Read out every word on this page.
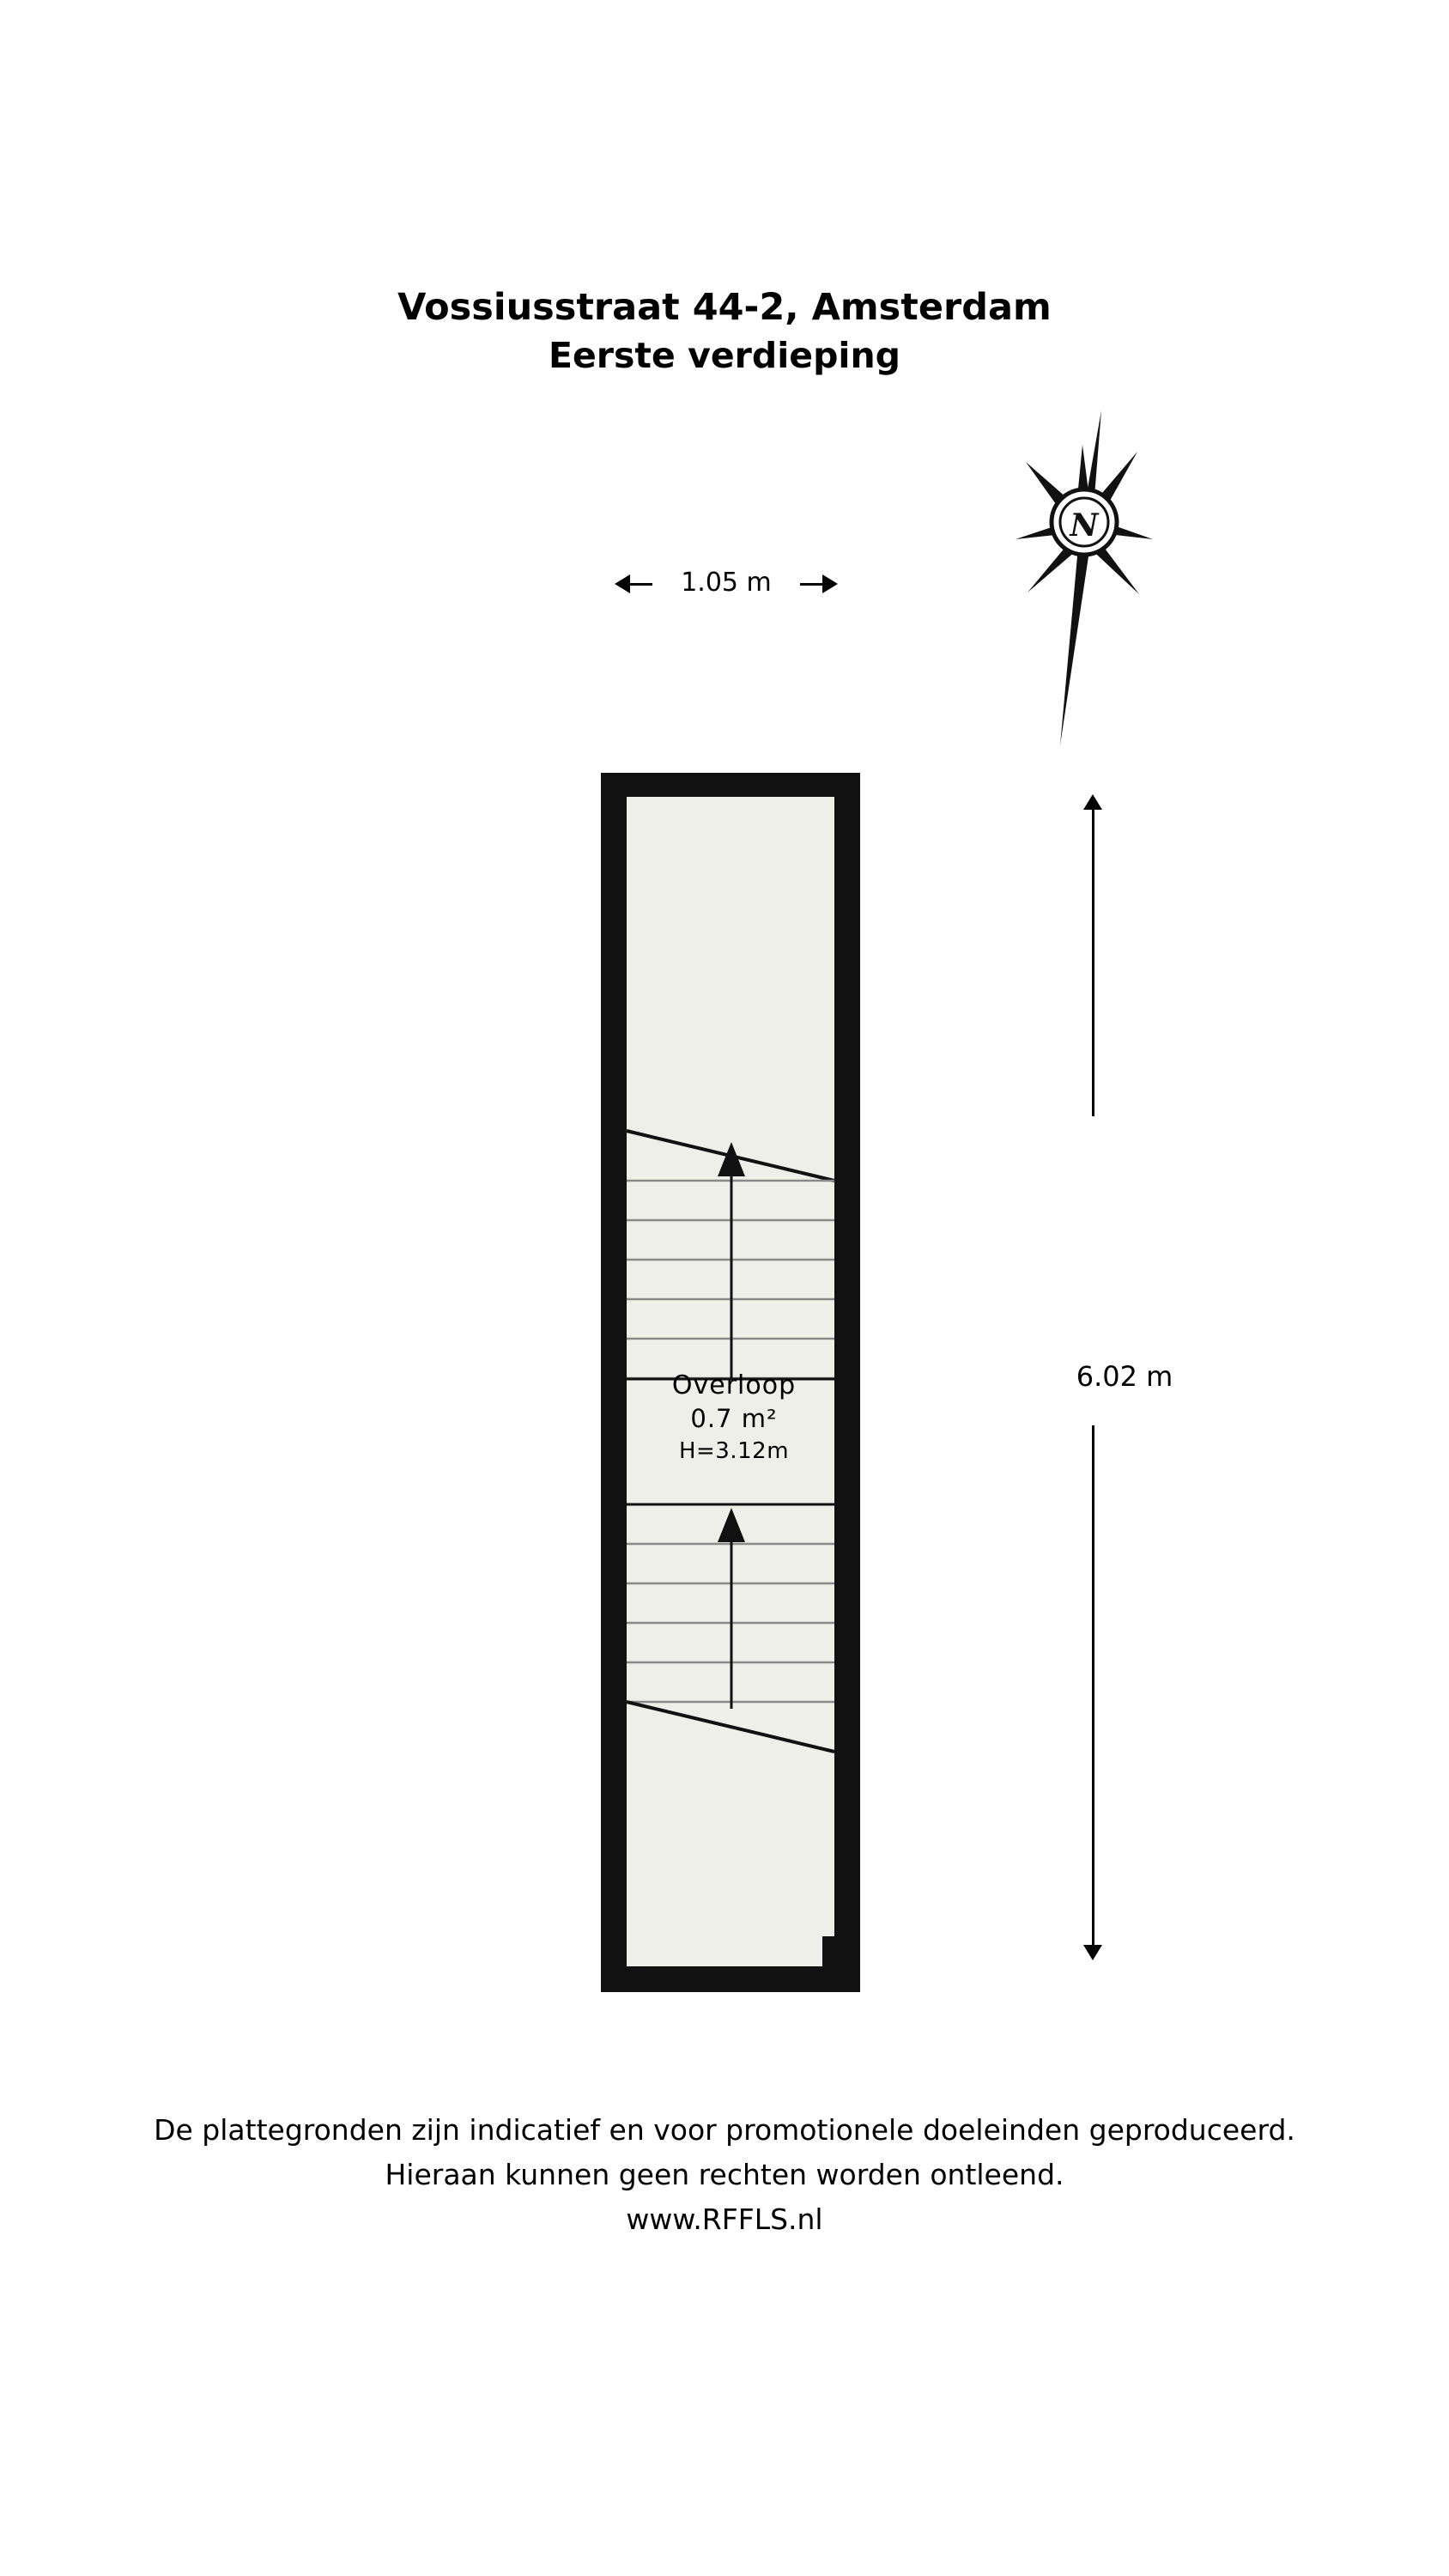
Vossiusstraat 44-2, Amsterdam
Eerste verdieping
1.05 m
N
6.02 m
Overloop
0.7 m²
H=3.12m
De plattegronden zijn indicatief en voor promotionele doeleinden geproduceerd.
Hieraan kunnen geen rechten worden ontleend.
www.RFFLS.nl
